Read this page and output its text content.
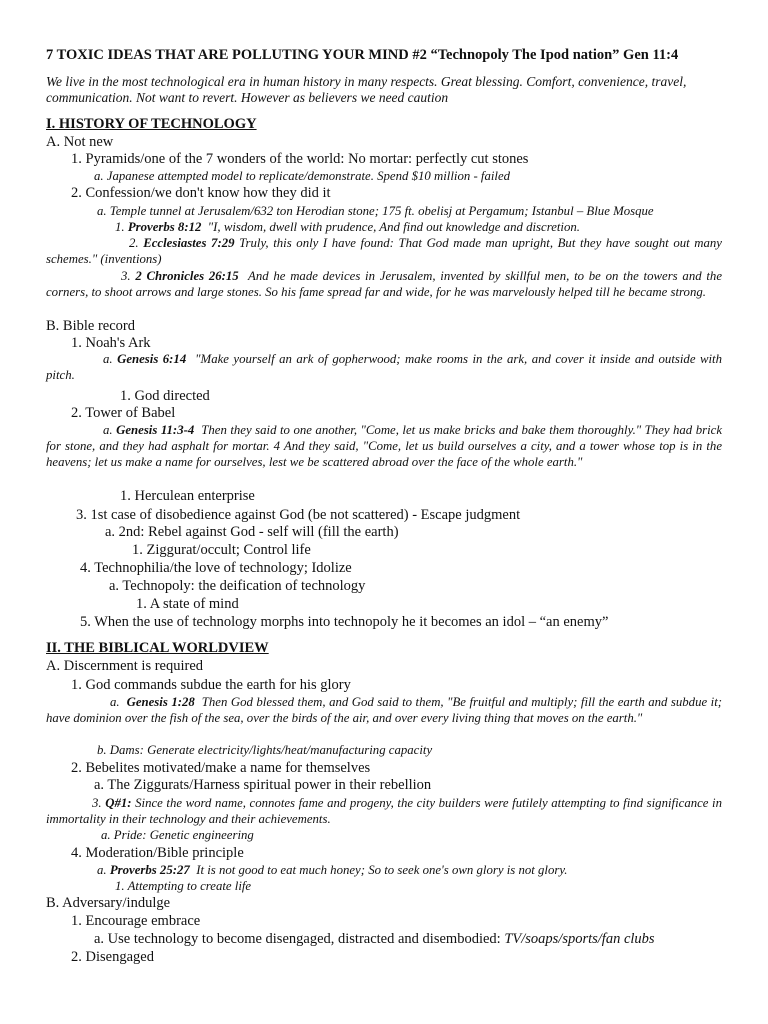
7 TOXIC IDEAS THAT ARE POLLUTING YOUR MIND #2 “Technopoly The Ipod nation” Gen 11:4
We live in the most technological era in human history in many respects. Great blessing. Comfort, convenience, travel, communication. Not want to revert. However as believers we need caution
I. HISTORY OF TECHNOLOGY
A. Not new
1. Pyramids/one of the 7 wonders of the world: No mortar: perfectly cut stones
a. Japanese attempted model to replicate/demonstrate. Spend $10 million - failed
2. Confession/we don't know how they did it
a. Temple tunnel at Jerusalem/632 ton Herodian stone; 175 ft. obelisj at Pergamum; Istanbul – Blue Mosque
1. Proverbs 8:12 "I, wisdom, dwell with prudence, And find out knowledge and discretion.
2. Ecclesiastes 7:29 Truly, this only I have found: That God made man upright, But they have sought out many schemes." (inventions)
3. 2 Chronicles 26:15 And he made devices in Jerusalem, invented by skillful men, to be on the towers and the corners, to shoot arrows and large stones. So his fame spread far and wide, for he was marvelously helped till he became strong.
B. Bible record
1. Noah's Ark
a. Genesis 6:14 "Make yourself an ark of gopherwood; make rooms in the ark, and cover it inside and outside with pitch.
1. God directed
2. Tower of Babel
a. Genesis 11:3-4 Then they said to one another, "Come, let us make bricks and bake them thoroughly." They had brick for stone, and they had asphalt for mortar. 4 And they said, "Come, let us build ourselves a city, and a tower whose top is in the heavens; let us make a name for ourselves, lest we be scattered abroad over the face of the whole earth."
1. Herculean enterprise
3. 1st case of disobedience against God (be not scattered) - Escape judgment
a. 2nd: Rebel against God - self will (fill the earth)
1. Ziggurat/occult; Control life
4. Technophilia/the love of technology; Idolize
a. Technopoly: the deification of technology
1. A state of mind
5. When the use of technology morphs into technopoly he it becomes an idol – “an enemy”
II. THE BIBLICAL WORLDVIEW
A. Discernment is required
1. God commands subdue the earth for his glory
a. Genesis 1:28 Then God blessed them, and God said to them, "Be fruitful and multiply; fill the earth and subdue it; have dominion over the fish of the sea, over the birds of the air, and over every living thing that moves on the earth."
b. Dams: Generate electricity/lights/heat/manufacturing capacity
2. Bebelites motivated/make a name for themselves
a. The Ziggurats/Harness spiritual power in their rebellion
3. Q#1: Since the word name, connotes fame and progeny, the city builders were futilely attempting to find significance in immortality in their technology and their achievements.
a. Pride: Genetic engineering
4. Moderation/Bible principle
a. Proverbs 25:27 It is not good to eat much honey; So to seek one's own glory is not glory.
1. Attempting to create life
B. Adversary/indulge
1. Encourage embrace
a. Use technology to become disengaged, distracted and disembodied: TV/soaps/sports/fan clubs
2. Disengaged
